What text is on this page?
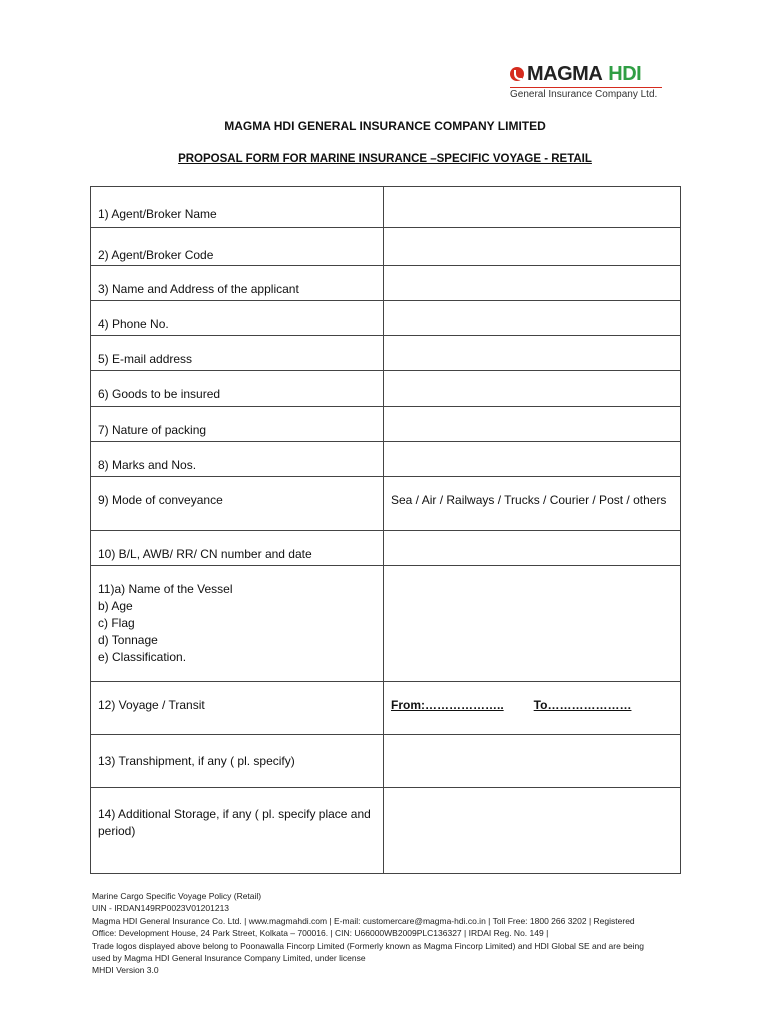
MAGMA HDI
General Insurance Company Ltd.
MAGMA HDI GENERAL INSURANCE COMPANY LIMITED
PROPOSAL FORM FOR MARINE INSURANCE –SPECIFIC VOYAGE - RETAIL
1) Agent/Broker Name	

2) Agent/Broker Code	

3) Name and Address of the applicant	

4) Phone No.	

5) E-mail address	

6) Goods to be insured	

7) Nature of packing	

8) Marks and Nos.	

9) Mode of conveyance	Sea / Air / Railways / Trucks / Courier / Post / others

10) B/L, AWB/ RR/ CN number and date	

11)a) Name of the Vessel
b) Age
c) Flag
d) Tonnage
e) Classification.	

12) Voyage / Transit	From:……………….. To…………………

13) Transhipment, if any ( pl. specify)	

14) Additional Storage, if any ( pl. specify place and period)	

Marine Cargo Specific Voyage Policy (Retail)
UIN - IRDAN149RP0023V01201213
Magma HDI General Insurance Co. Ltd. | www.magmahdi.com | E-mail: customercare@magma-hdi.co.in | Toll Free: 1800 266 3202 | Registered
Office: Development House, 24 Park Street, Kolkata – 700016. | CIN: U66000WB2009PLC136327 | IRDAI Reg. No. 149 |
Trade logos displayed above belong to Poonawalla Fincorp Limited (Formerly known as Magma Fincorp Limited) and HDI Global SE and are being
used by Magma HDI General Insurance Company Limited, under license
MHDI Version 3.0
